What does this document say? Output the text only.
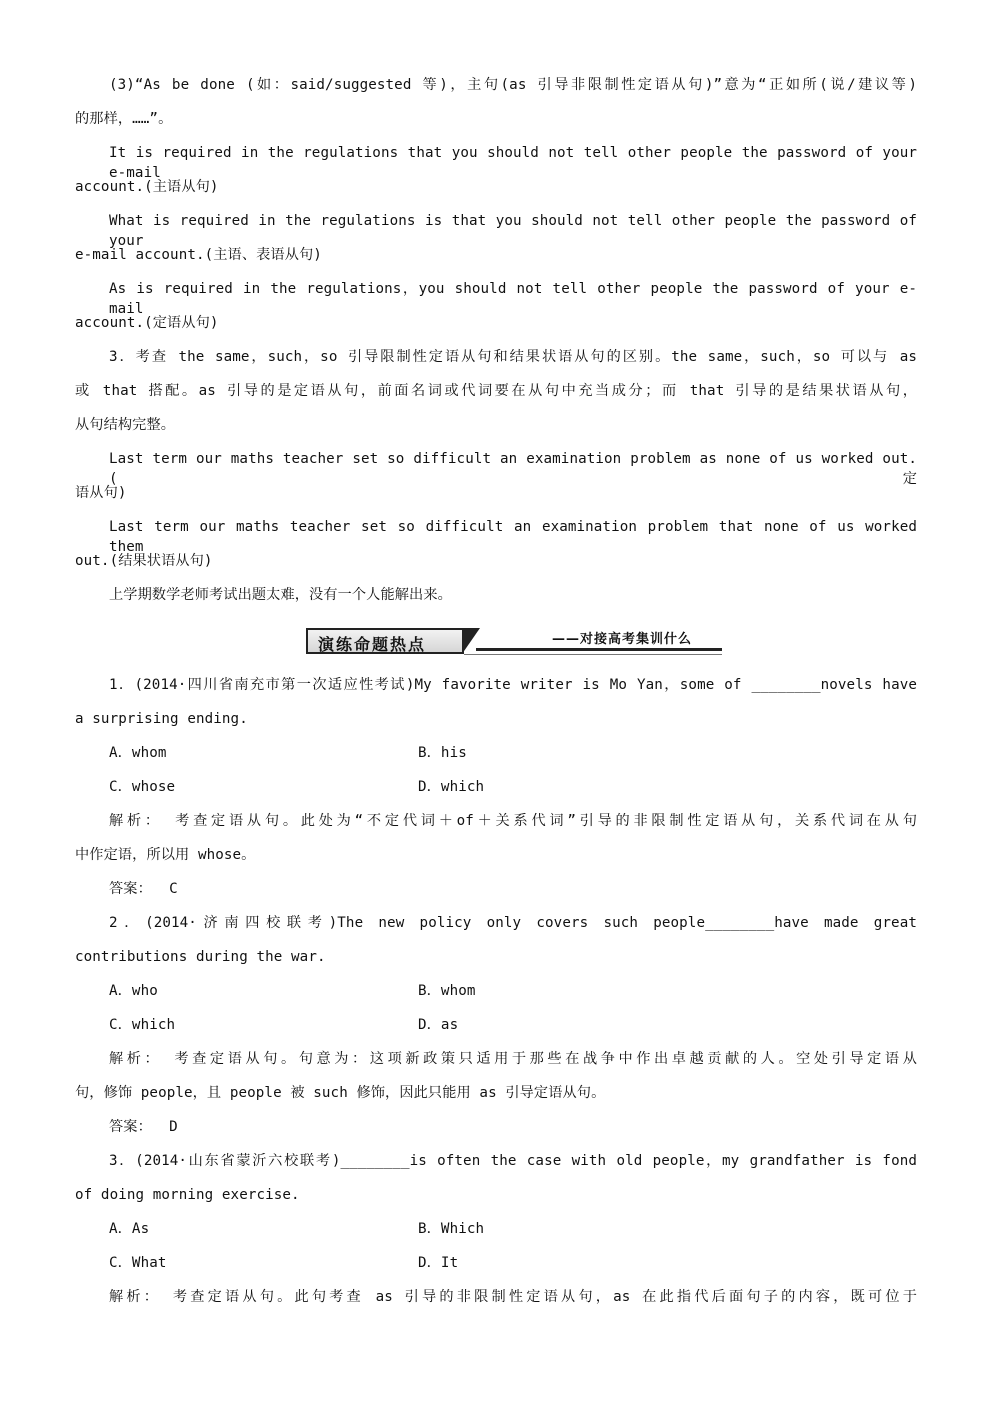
(3)“As be done (如：said/suggested 等)，主句(as 引导非限制性定语从句)”意为“正如所(说/建议等)
的那样，……”。
It is required in the regulations that you should not tell other people the password of your e-mail
account.(主语从句)
What is required in the regulations is that you should not tell other people the password of your
e-mail account.(主语、表语从句)
As is required in the regulations，you should not tell other people the password of your e-mail
account.(定语从句)
3．考查 the same，such，so 引导限制性定语从句和结果状语从句的区别。the same，such，so 可以与 as
或 that 搭配。as 引导的是定语从句，前面名词或代词要在从句中充当成分；而 that 引导的是结果状语从句，
从句结构完整。
Last term our maths teacher set so difficult an examination problem as none of us worked out.(定
语从句)
Last term our maths teacher set so difficult an examination problem that none of us worked them
out.(结果状语从句)
上学期数学老师考试出题太难，没有一个人能解出来。
演练命题热点	——对接高考集训什么
1．(2014·四川省南充市第一次适应性考试)My favorite writer is Mo Yan，some of ________novels have
a surprising ending.
A．whom	B．his
C．whose	D．which
解析： 考查定语从句。此处为“不定代词＋of＋关系代词”引导的非限制性定语从句，关系代词在从句
中作定语，所以用 whose。
答案：  C
2．(2014·济南四校联考)The new policy only covers such people________have made great
contributions during the war.
A．who	B．whom
C．which	D．as
解析： 考查定语从句。句意为：这项新政策只适用于那些在战争中作出卓越贡献的人。空处引导定语从
句，修饰 people，且 people 被 such 修饰，因此只能用 as 引导定语从句。
答案：  D
3．(2014·山东省蒙沂六校联考)________is often the case with old people，my grandfather is fond
of doing morning exercise.
A．As	B．Which
C．What	D．It
解析： 考查定语从句。此句考查 as 引导的非限制性定语从句，as 在此指代后面句子的内容，既可位于
